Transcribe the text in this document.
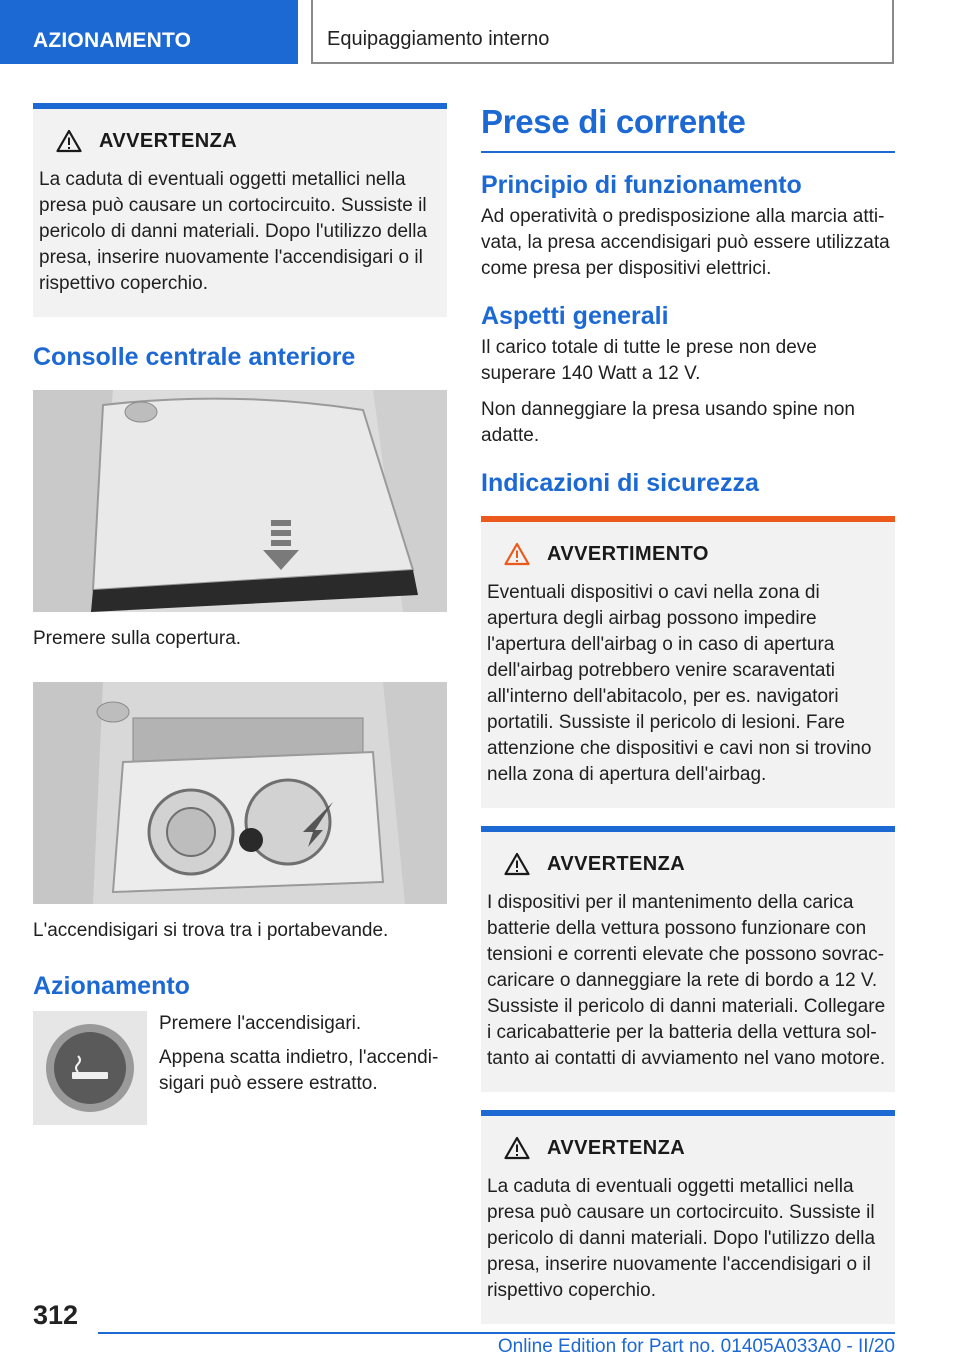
AZIONAMENTO	Equipaggiamento interno
AVVERTENZA
La caduta di eventuali oggetti metallici nella presa può causare un cortocircuito. Sussiste il pericolo di danni materiali. Dopo l'utilizzo della presa, inserire nuovamente l'accendisigari o il rispettivo coperchio.
Consolle centrale anteriore
Premere sulla copertura.
L'accendisigari si trova tra i portabevande.
Azionamento

Premere l'accendisigari.

Appena scatta indietro, l'accendisigari può essere estratto.

Prese di corrente
Principio di funzionamento

Ad operatività o predisposizione alla marcia attivata, la presa accendisigari può essere utilizzata come presa per dispositivi elettrici.

Aspetti generali

Il carico totale di tutte le prese non deve superare 140 Watt a 12 V.

Non danneggiare la presa usando spine non adatte.

Indicazioni di sicurezza
AVVERTIMENTO
Eventuali dispositivi o cavi nella zona di apertura degli airbag possono impedire l'apertura dell'airbag o in caso di apertura dell'airbag potrebbero venire scaraventati all'interno dell'abitacolo, per es. navigatori portatili. Sussiste il pericolo di lesioni. Fare attenzione che dispositivi e cavi non si trovino nella zona di apertura dell'airbag.
AVVERTENZA
I dispositivi per il mantenimento della carica batterie della vettura possono funzionare con tensioni e correnti elevate che possono sovraccaricare o danneggiare la rete di bordo a 12 V. Sussiste il pericolo di danni materiali. Collegare i caricabatterie per la batteria della vettura soltanto ai contatti di avviamento nel vano motore.
AVVERTENZA
La caduta di eventuali oggetti metallici nella presa può causare un cortocircuito. Sussiste il pericolo di danni materiali. Dopo l'utilizzo della presa, inserire nuovamente l'accendisigari o il rispettivo coperchio.
312
Online Edition for Part no. 01405A033A0 - II/20
